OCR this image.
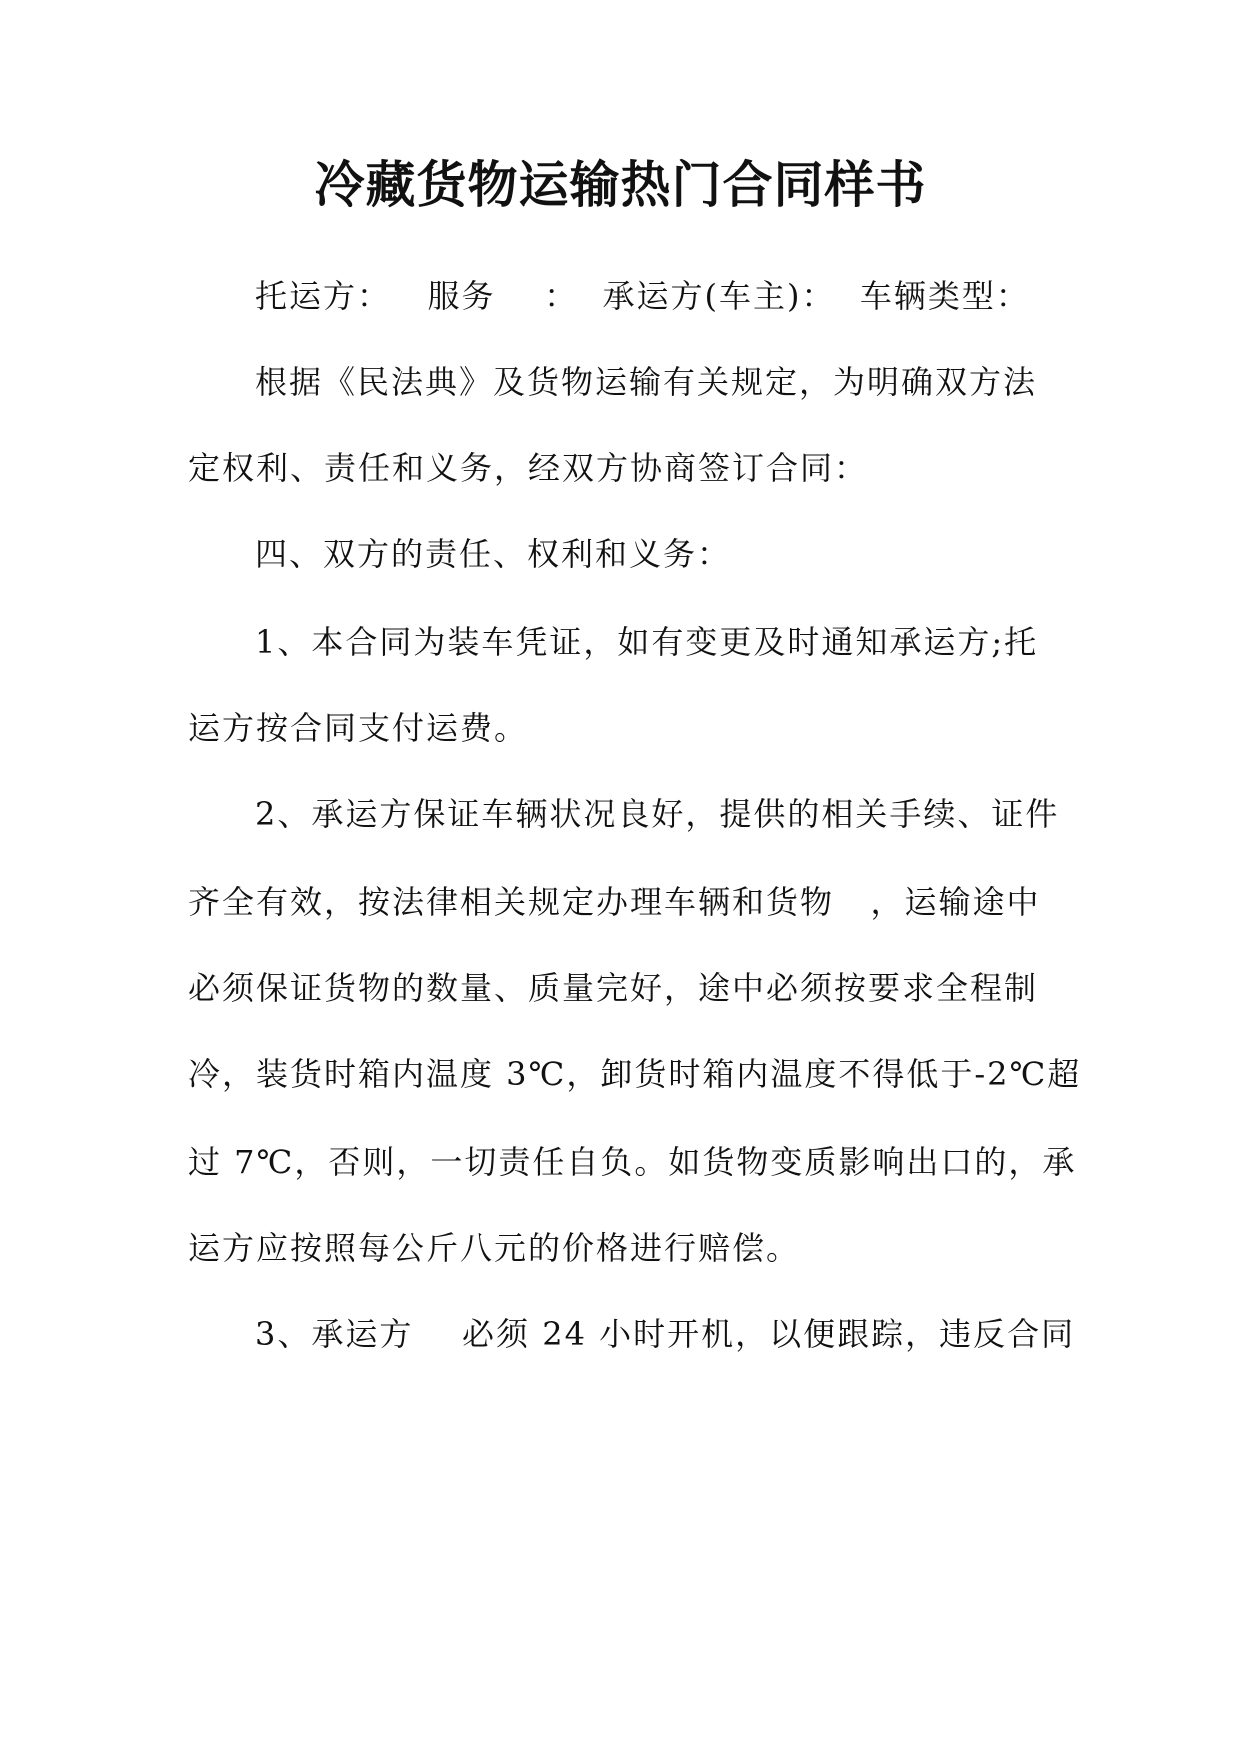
冷藏货物运输热门合同样书
托运方：   服务    ：  承运方(车主)：  车辆类型：
根据《民法典》及货物运输有关规定，为明确双方法
定权利、责任和义务，经双方协商签订合同：
四、双方的责任、权利和义务：
1、本合同为装车凭证，如有变更及时通知承运方;托
运方按合同支付运费。
2、承运方保证车辆状况良好，提供的相关手续、证件
齐全有效，按法律相关规定办理车辆和货物   ，运输途中
必须保证货物的数量、质量完好，途中必须按要求全程制
冷，装货时箱内温度 3℃，卸货时箱内温度不得低于-2℃超
过 7℃，否则，一切责任自负。如货物变质影响出口的，承
运方应按照每公斤八元的价格进行赔偿。
3、承运方    必须 24 小时开机，以便跟踪，违反合同
